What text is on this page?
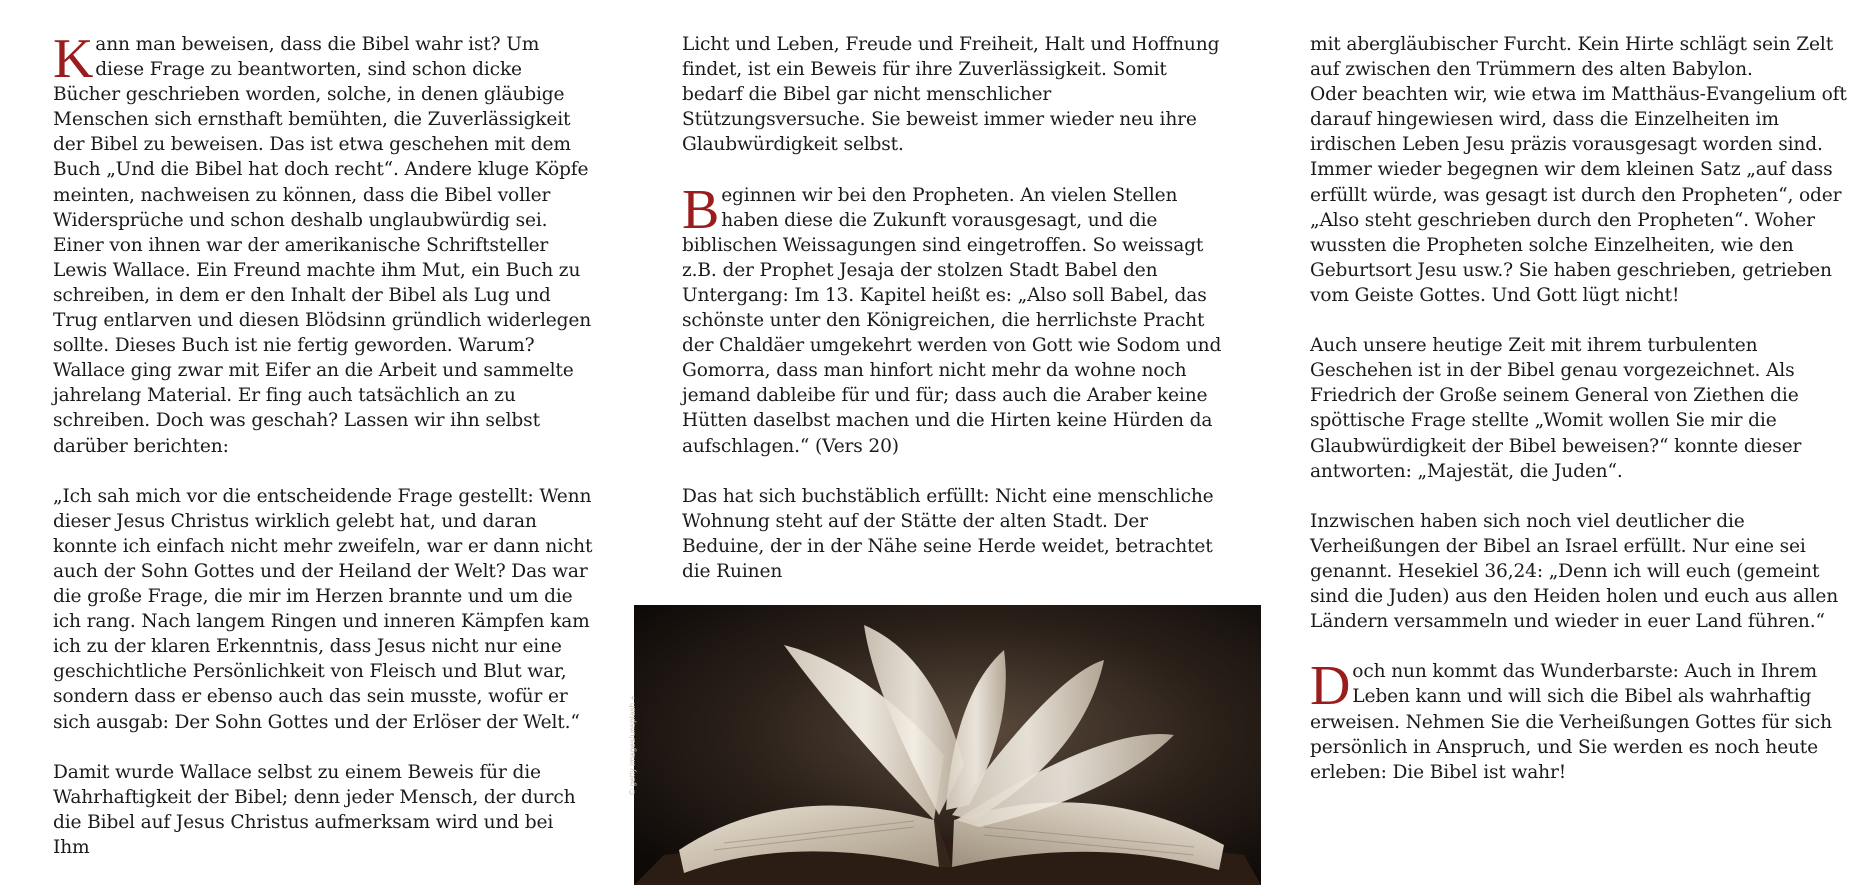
Kann man beweisen, dass die Bibel wahr ist? Um diese Frage zu beantworten, sind schon dicke Bücher geschrieben worden, solche, in denen gläubige Menschen sich ernsthaft bemühten, die Zuverlässigkeit der Bibel zu beweisen. Das ist etwa geschehen mit dem Buch „Und die Bibel hat doch recht“. Andere kluge Köpfe meinten, nachweisen zu können, dass die Bibel voller Widersprüche und schon deshalb unglaubwürdig sei. Einer von ihnen war der amerikanische Schriftsteller Lewis Wallace. Ein Freund machte ihm Mut, ein Buch zu schreiben, in dem er den Inhalt der Bibel als Lug und Trug entlarven und diesen Blödsinn gründlich widerlegen sollte. Dieses Buch ist nie fertig geworden. Warum? Wallace ging zwar mit Eifer an die Arbeit und sammelte jahrelang Material. Er fing auch tatsächlich an zu schreiben. Doch was geschah? Lassen wir ihn selbst darüber berichten:

„Ich sah mich vor die entscheidende Frage gestellt: Wenn dieser Jesus Christus wirklich gelebt hat, und daran konnte ich einfach nicht mehr zweifeln, war er dann nicht auch der Sohn Gottes und der Heiland der Welt? Das war die große Frage, die mir im Herzen brannte und um die ich rang. Nach langem Ringen und inneren Kämpfen kam ich zu der klaren Erkenntnis, dass Jesus nicht nur eine geschichtliche Persönlichkeit von Fleisch und Blut war, sondern dass er ebenso auch das sein musste, wofür er sich ausgab: Der Sohn Gottes und der Erlöser der Welt.“

Damit wurde Wallace selbst zu einem Beweis für die Wahrhaftigkeit der Bibel; denn jeder Mensch, der durch die Bibel auf Jesus Christus aufmerksam wird und bei Ihm

Licht und Leben, Freude und Freiheit, Halt und Hoffnung findet, ist ein Beweis für ihre Zuverlässigkeit. Somit bedarf die Bibel gar nicht menschlicher Stützungsversuche. Sie beweist immer wieder neu ihre Glaubwürdigkeit selbst.

Beginnen wir bei den Propheten. An vielen Stellen haben diese die Zukunft vorausgesagt, und die biblischen Weissagungen sind eingetroffen. So weissagt z.B. der Prophet Jesaja der stolzen Stadt Babel den Untergang: Im 13. Kapitel heißt es: „Also soll Babel, das schönste unter den Königreichen, die herrlichste Pracht der Chaldäer umgekehrt werden von Gott wie Sodom und Gomorra, dass man hinfort nicht mehr da wohne noch jemand dableibe für und für; dass auch die Araber keine Hütten daselbst machen und die Hirten keine Hürden da aufschlagen.“ (Vers 20)

Das hat sich buchstäblich erfüllt: Nicht eine menschliche Wohnung steht auf der Stätte der alten Stadt. Der Beduine, der in der Nähe seine Herde weidet, betrachtet die Ruinen

© getty images/unsplash +

mit abergläubischer Furcht. Kein Hirte schlägt sein Zelt auf zwischen den Trümmern des alten Babylon.

Oder beachten wir, wie etwa im Matthäus-Evangelium oft darauf hingewiesen wird, dass die Einzelheiten im irdischen Leben Jesu präzis vorausgesagt worden sind. Immer wieder begegnen wir dem kleinen Satz „auf dass erfüllt würde, was gesagt ist durch den Propheten“, oder „Also steht geschrieben durch den Propheten“. Woher wussten die Propheten solche Einzelheiten, wie den Geburtsort Jesu usw.? Sie haben geschrieben, getrieben vom Geiste Gottes. Und Gott lügt nicht!

Auch unsere heutige Zeit mit ihrem turbulenten Geschehen ist in der Bibel genau vorgezeichnet. Als Friedrich der Große seinem General von Ziethen die spöttische Frage stellte „Womit wollen Sie mir die Glaubwürdigkeit der Bibel beweisen?“ konnte dieser antworten: „Majestät, die Juden“.

Inzwischen haben sich noch viel deutlicher die Verheißungen der Bibel an Israel erfüllt. Nur eine sei genannt. Hesekiel 36,24: „Denn ich will euch (gemeint sind die Juden) aus den Heiden holen und euch aus allen Ländern versammeln und wieder in euer Land führen.“

Doch nun kommt das Wunderbarste: Auch in Ihrem Leben kann und will sich die Bibel als wahrhaftig erweisen. Nehmen Sie die Verheißungen Gottes für sich persönlich in Anspruch, und Sie werden es noch heute erleben: Die Bibel ist wahr!
